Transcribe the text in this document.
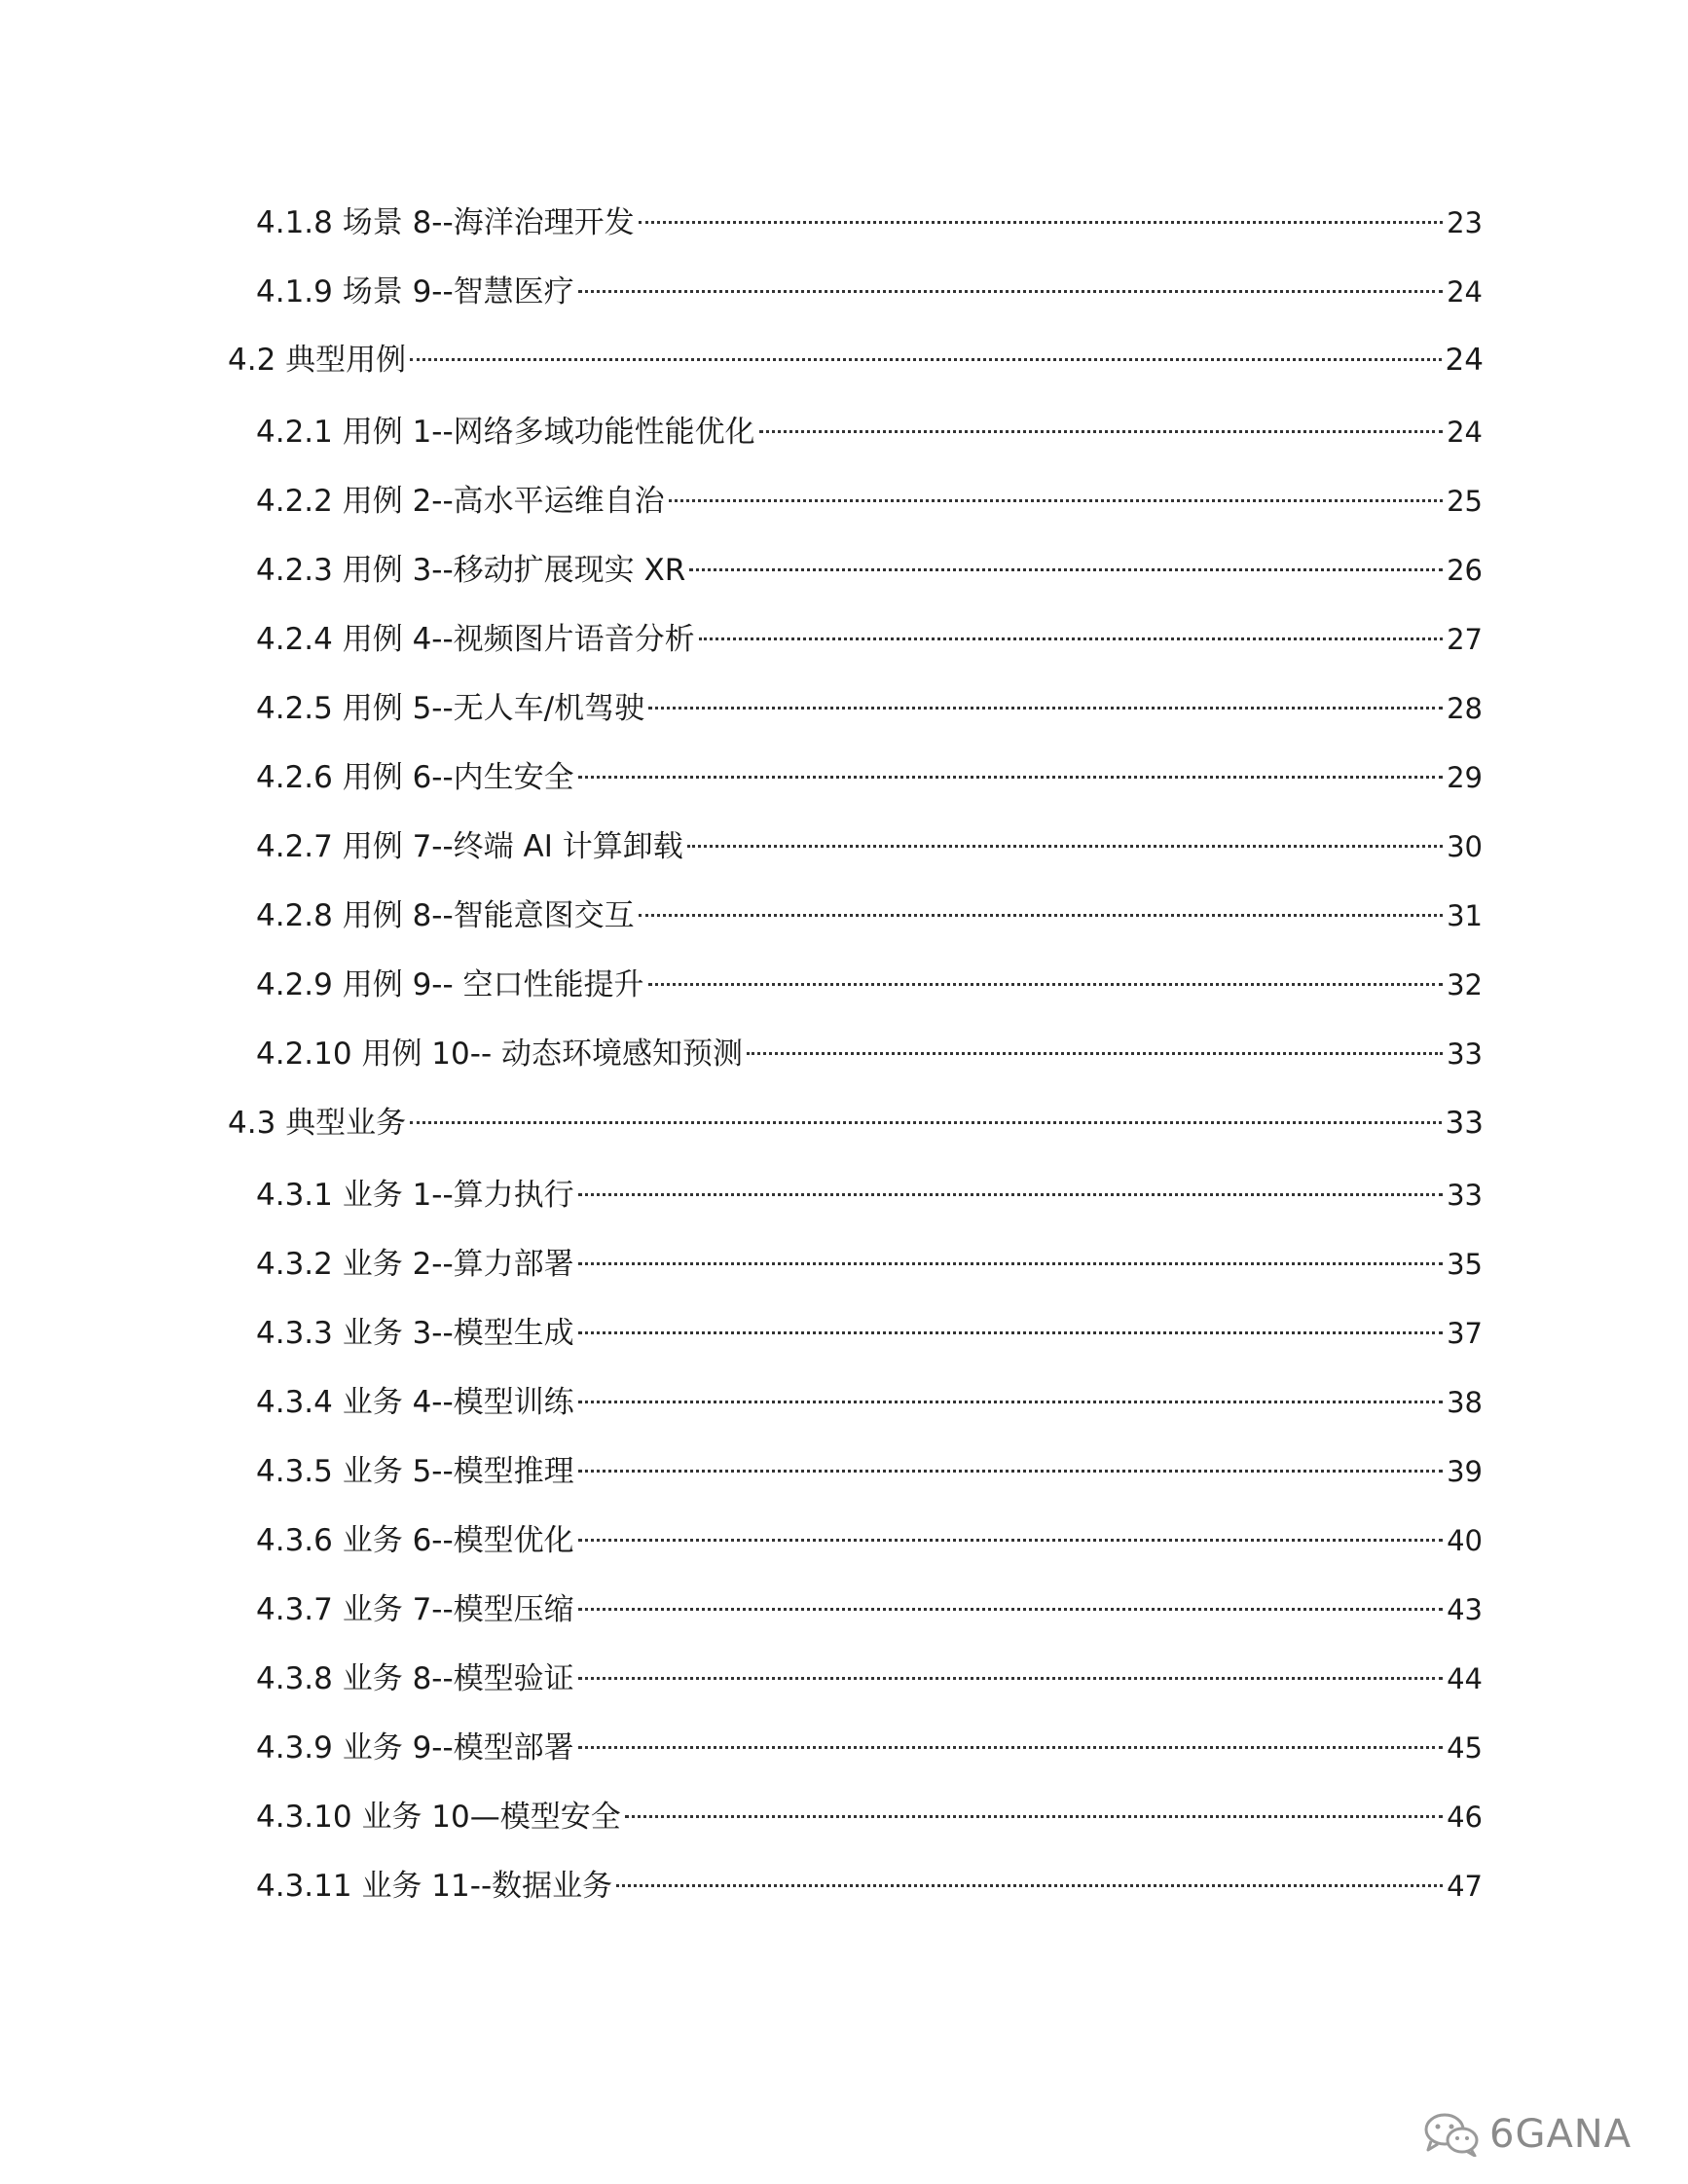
4.1.8 场景 8--海洋治理开发	23
4.1.9 场景 9--智慧医疗	24
4.2 典型用例	24
4.2.1 用例 1--网络多域功能性能优化	24
4.2.2 用例 2--高水平运维自治	25
4.2.3 用例 3--移动扩展现实 XR	26
4.2.4 用例 4--视频图片语音分析	27
4.2.5 用例 5--无人车/机驾驶	28
4.2.6 用例 6--内生安全	29
4.2.7 用例 7--终端 AI 计算卸载	30
4.2.8 用例 8--智能意图交互	31
4.2.9 用例 9-- 空口性能提升	32
4.2.10 用例 10-- 动态环境感知预测	33
4.3 典型业务	33
4.3.1 业务 1--算力执行	33
4.3.2 业务 2--算力部署	35
4.3.3 业务 3--模型生成	37
4.3.4 业务 4--模型训练	38
4.3.5 业务 5--模型推理	39
4.3.6 业务 6--模型优化	40
4.3.7 业务 7--模型压缩	43
4.3.8 业务 8--模型验证	44
4.3.9 业务 9--模型部署	45
4.3.10 业务 10—模型安全	46
4.3.11 业务 11--数据业务	47
6GANA
